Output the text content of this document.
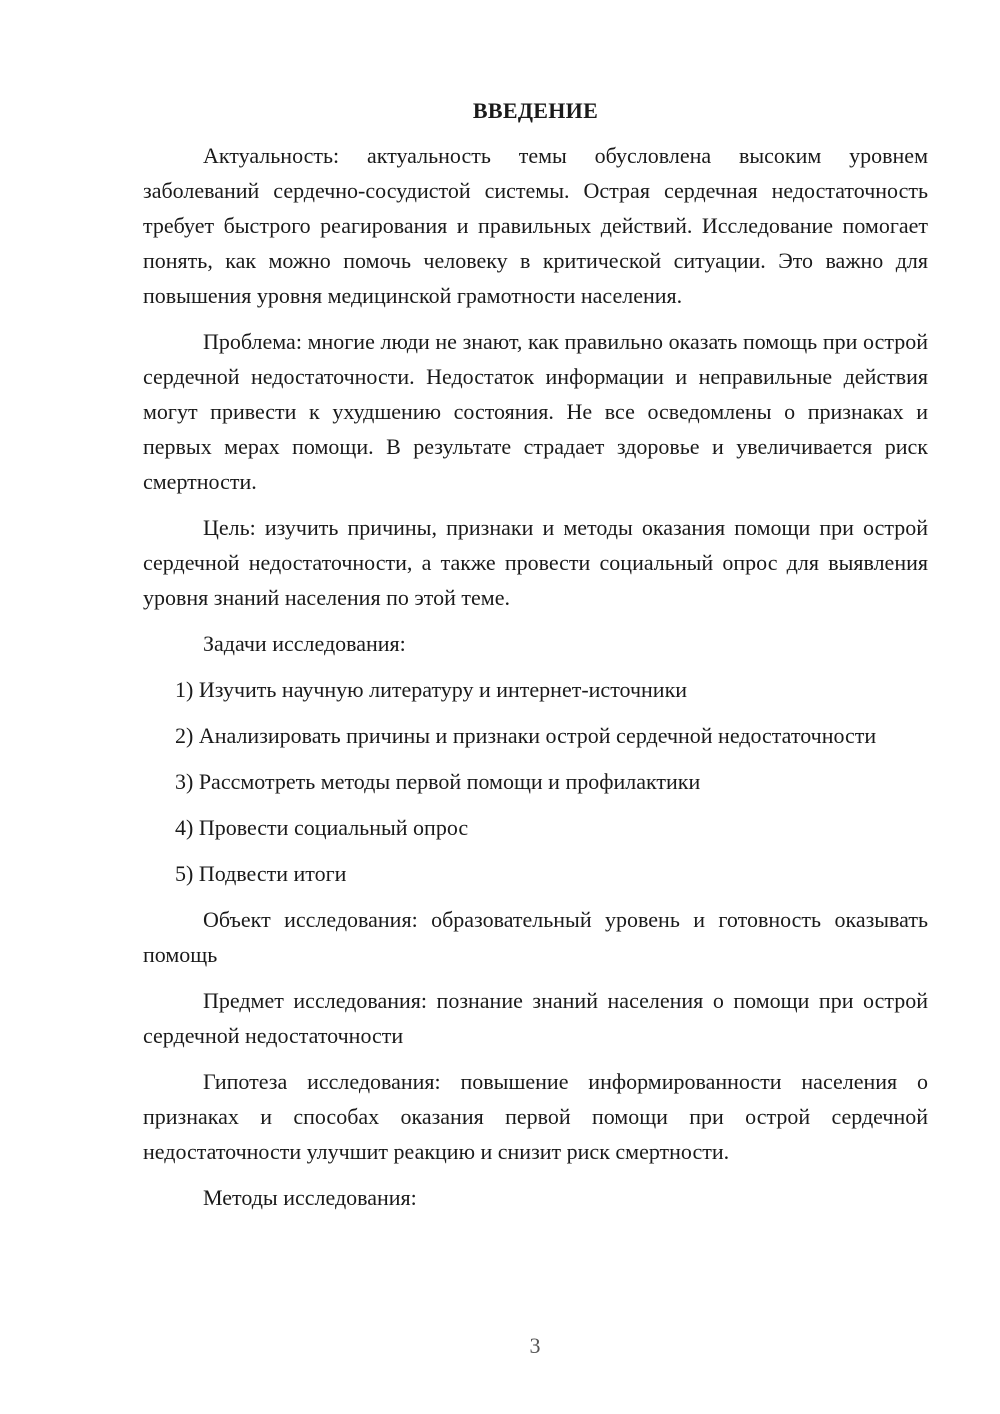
ВВЕДЕНИЕ

Актуальность: актуальность темы обусловлена высоким уровнем заболеваний сердечно-сосудистой системы. Острая сердечная недостаточность требует быстрого реагирования и правильных действий. Исследование помогает понять, как можно помочь человеку в критической ситуации. Это важно для повышения уровня медицинской грамотности населения.

Проблема: многие люди не знают, как правильно оказать помощь при острой сердечной недостаточности. Недостаток информации и неправильные действия могут привести к ухудшению состояния. Не все осведомлены о признаках и первых мерах помощи. В результате страдает здоровье и увеличивается риск смертности.

Цель: изучить причины, признаки и методы оказания помощи при острой сердечной недостаточности, а также провести социальный опрос для выявления уровня знаний населения по этой теме.

Задачи исследования:

1) Изучить научную литературу и интернет-источники

2) Анализировать причины и признаки острой сердечной недостаточности

3) Рассмотреть методы первой помощи и профилактики

4) Провести социальный опрос

5) Подвести итоги

Объект исследования: образовательный уровень и готовность оказывать помощь

Предмет исследования: познание знаний населения о помощи при острой сердечной недостаточности

Гипотеза исследования: повышение информированности населения о признаках и способах оказания первой помощи при острой сердечной недостаточности улучшит реакцию и снизит риск смертности.

Методы исследования:

3
